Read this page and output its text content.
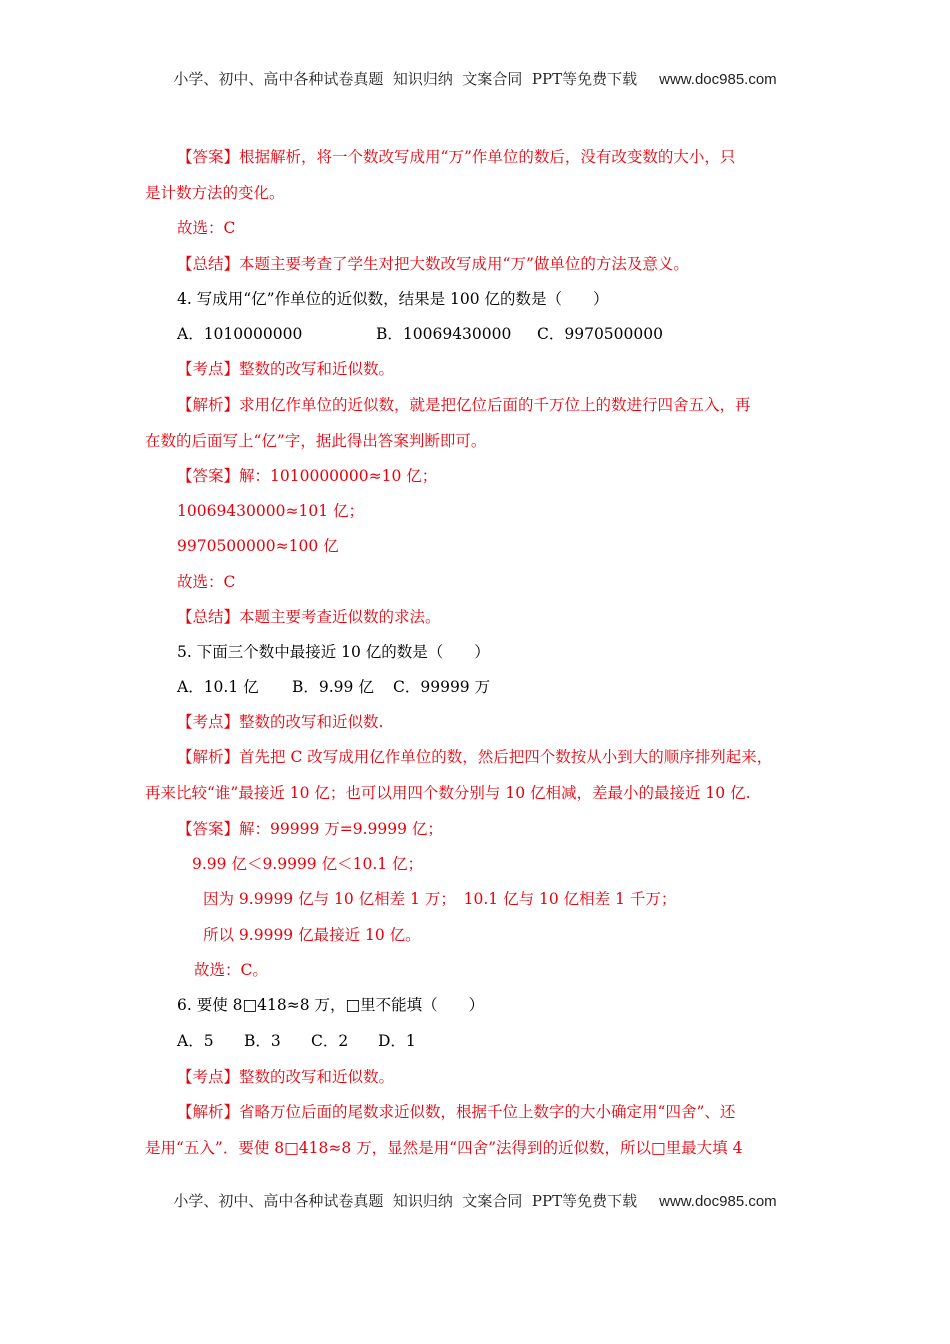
小学、初中、高中各种试卷真题  知识归纳  文案合同  PPT等免费下载 www.doc985.com
【答案】根据解析，将一个数改写成用“万”作单位的数后，没有改变数的大小，只
是计数方法的变化。
故选：C
【总结】本题主要考查了学生对把大数改写成用“万”做单位的方法及意义。
4. 写成用“亿”作单位的近似数，结果是 100 亿的数是（　　）
A．1010000000	B．10069430000 C．9970500000
【考点】整数的改写和近似数。
【解析】求用亿作单位的近似数，就是把亿位后面的千万位上的数进行四舍五入，再
在数的后面写上“亿”字，据此得出答案判断即可。
【答案】解：1010000000≈10 亿；
10069430000≈101 亿；
9970500000≈100 亿
故选：C
【总结】本题主要考查近似数的求法。
5. 下面三个数中最接近 10 亿的数是（　　）
A．10.1 亿 B．9.99 亿 C．99999 万
【考点】整数的改写和近似数.
【解析】首先把 C 改写成用亿作单位的数，然后把四个数按从小到大的顺序排列起来，
再来比较“谁”最接近 10 亿；也可以用四个数分别与 10 亿相减，差最小的最接近 10 亿.
【答案】解：99999 万=9.9999 亿；
9.99 亿＜9.9999 亿＜10.1 亿；
因为 9.9999 亿与 10 亿相差 1 万；　10.1 亿与 10 亿相差 1 千万；
所以 9.9999 亿最接近 10 亿。
故选：C。
6. 要使 8□418≈8 万，□里不能填（　　）
A．5 B．3 C．2 D．1
【考点】整数的改写和近似数。
【解析】省略万位后面的尾数求近似数，根据千位上数字的大小确定用“四舍”、还
是用“五入”．要使 8□418≈8 万，显然是用“四舍”法得到的近似数，所以□里最大填 4
小学、初中、高中各种试卷真题  知识归纳  文案合同  PPT等免费下载 www.doc985.com
